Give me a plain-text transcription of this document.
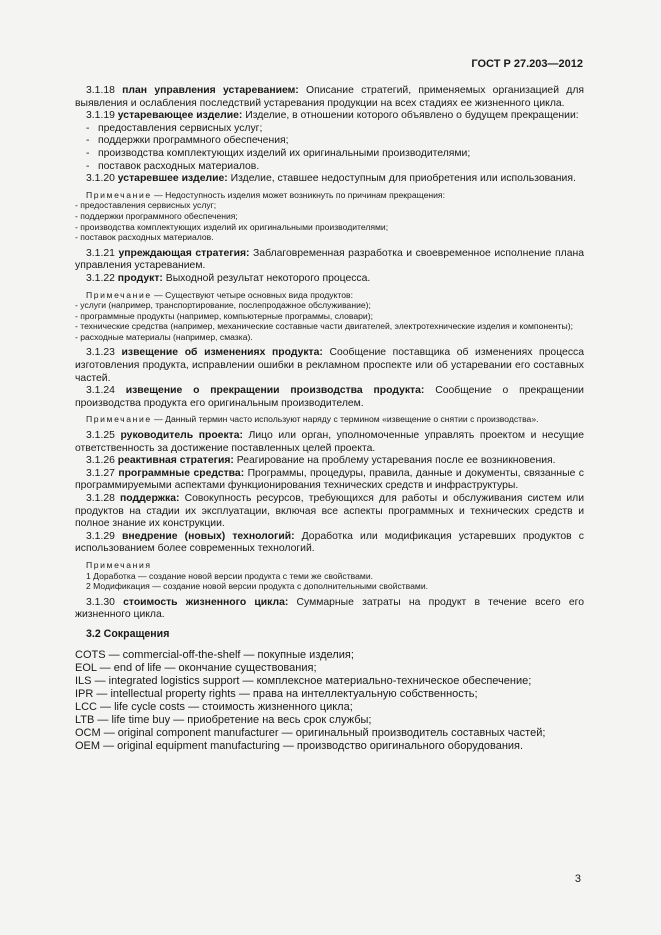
ГОСТ Р 27.203—2012

3.1.18 план управления устареванием: Описание стратегий, применяемых организацией для выявления и ослабления последствий устаревания продукции на всех стадиях ее жизненного цикла.

3.1.19 устаревающее изделие: Изделие, в отношении которого объявлено о будущем прекращении:

- предоставления сервисных услуг;
- поддержки программного обеспечения;
- производства комплектующих изделий их оригинальными производителями;
- поставок расходных материалов.

3.1.20 устаревшее изделие: Изделие, ставшее недоступным для приобретения или использования.

Примечание — Недоступность изделия может возникнуть по причинам прекращения:

- предоставления сервисных услуг;

- поддержки программного обеспечения;

- производства комплектующих изделий их оригинальными производителями;

- поставок расходных материалов.

3.1.21 упреждающая стратегия: Заблаговременная разработка и своевременное исполнение плана управления устареванием.

3.1.22 продукт: Выходной результат некоторого процесса.

Примечание — Существуют четыре основных вида продуктов:

- услуги (например, транспортирование, послепродажное обслуживание);

- программные продукты (например, компьютерные программы, словари);

- технические средства (например, механические составные части двигателей, электротехнические изделия и компоненты);

- расходные материалы (например, смазка).

3.1.23 извещение об изменениях продукта: Сообщение поставщика об изменениях процесса изготовления продукта, исправлении ошибки в рекламном проспекте или об устаревании его составных частей.

3.1.24 извещение о прекращении производства продукта: Сообщение о прекращении производства продукта его оригинальным производителем.

Примечание — Данный термин часто используют наряду с термином «извещение о снятии с производства».

3.1.25 руководитель проекта: Лицо или орган, уполномоченные управлять проектом и несущие ответственность за достижение поставленных целей проекта.

3.1.26 реактивная стратегия: Реагирование на проблему устаревания после ее возникновения.

3.1.27 программные средства: Программы, процедуры, правила, данные и документы, связанные с программируемыми аспектами функционирования технических средств и инфраструктуры.

3.1.28 поддержка: Совокупность ресурсов, требующихся для работы и обслуживания систем или продуктов на стадии их эксплуатации, включая все аспекты программных и технических средств и полное знание их конструкции.

3.1.29 внедрение (новых) технологий: Доработка или модификация устаревших продуктов с использованием более современных технологий.

Примечания

1 Доработка — создание новой версии продукта с теми же свойствами.

2 Модификация — создание новой версии продукта с дополнительными свойствами.

3.1.30 стоимость жизненного цикла: Суммарные затраты на продукт в течение всего его жизненного цикла.

3.2 Сокращения
COTS — commercial-off-the-shelf — покупные изделия;
EOL — end of life — окончание существования;
ILS — integrated logistics support — комплексное материально-техническое обеспечение;
IPR — intellectual property rights — права на интеллектуальную собственность;
LCC — life cycle costs — стоимость жизненного цикла;
LTB — life time buy — приобретение на весь срок службы;
OCM — original component manufacturer — оригинальный производитель составных частей;
OEM — original equipment manufacturing — производство оригинального оборудования.
3
